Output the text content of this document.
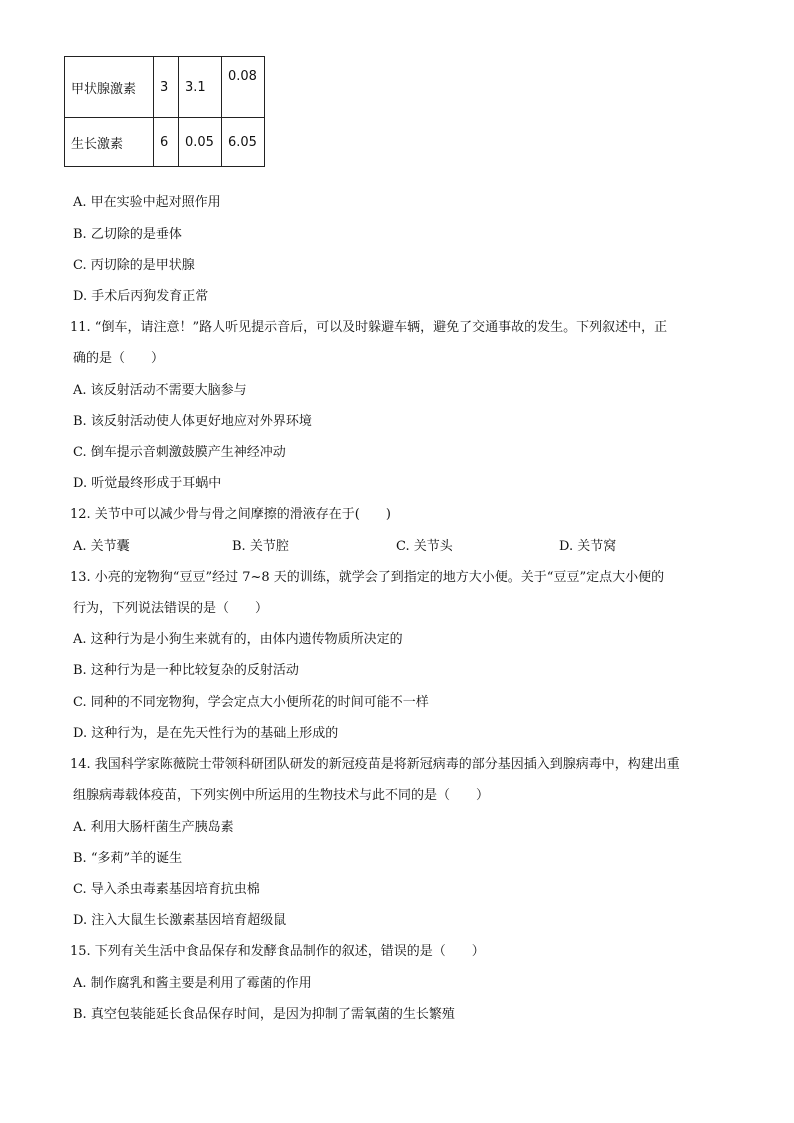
甲状腺激素	3	3.1	0.08
生长激素	6	0.05	6.05
A. 甲在实验中起对照作用
B. 乙切除的是垂体
C. 丙切除的是甲状腺
D. 手术后丙狗发育正常
11. “倒车，请注意！”路人听见提示音后，可以及时躲避车辆，避免了交通事故的发生。下列叙述中，正
确的是（　　）
A. 该反射活动不需要大脑参与
B. 该反射活动使人体更好地应对外界环境
C. 倒车提示音刺激鼓膜产生神经冲动
D. 听觉最终形成于耳蜗中
12. 关节中可以减少骨与骨之间摩擦的滑液存在于(　　)
A. 关节囊	B. 关节腔	C. 关节头	D. 关节窝
13. 小亮的宠物狗“豆豆”经过 7~8 天的训练，就学会了到指定的地方大小便。关于“豆豆”定点大小便的
行为，下列说法错误的是（　　）
A. 这种行为是小狗生来就有的，由体内遗传物质所决定的
B. 这种行为是一种比较复杂的反射活动
C. 同种的不同宠物狗，学会定点大小便所花的时间可能不一样
D. 这种行为，是在先天性行为的基础上形成的
14. 我国科学家陈薇院士带领科研团队研发的新冠疫苗是将新冠病毒的部分基因插入到腺病毒中，构建出重
组腺病毒载体疫苗，下列实例中所运用的生物技术与此不同的是（　　）
A. 利用大肠杆菌生产胰岛素
B. “多莉”羊的诞生
C. 导入杀虫毒素基因培育抗虫棉
D. 注入大鼠生长激素基因培育超级鼠
15. 下列有关生活中食品保存和发酵食品制作的叙述，错误的是（　　）
A. 制作腐乳和酱主要是利用了霉菌的作用
B. 真空包装能延长食品保存时间，是因为抑制了需氧菌的生长繁殖
